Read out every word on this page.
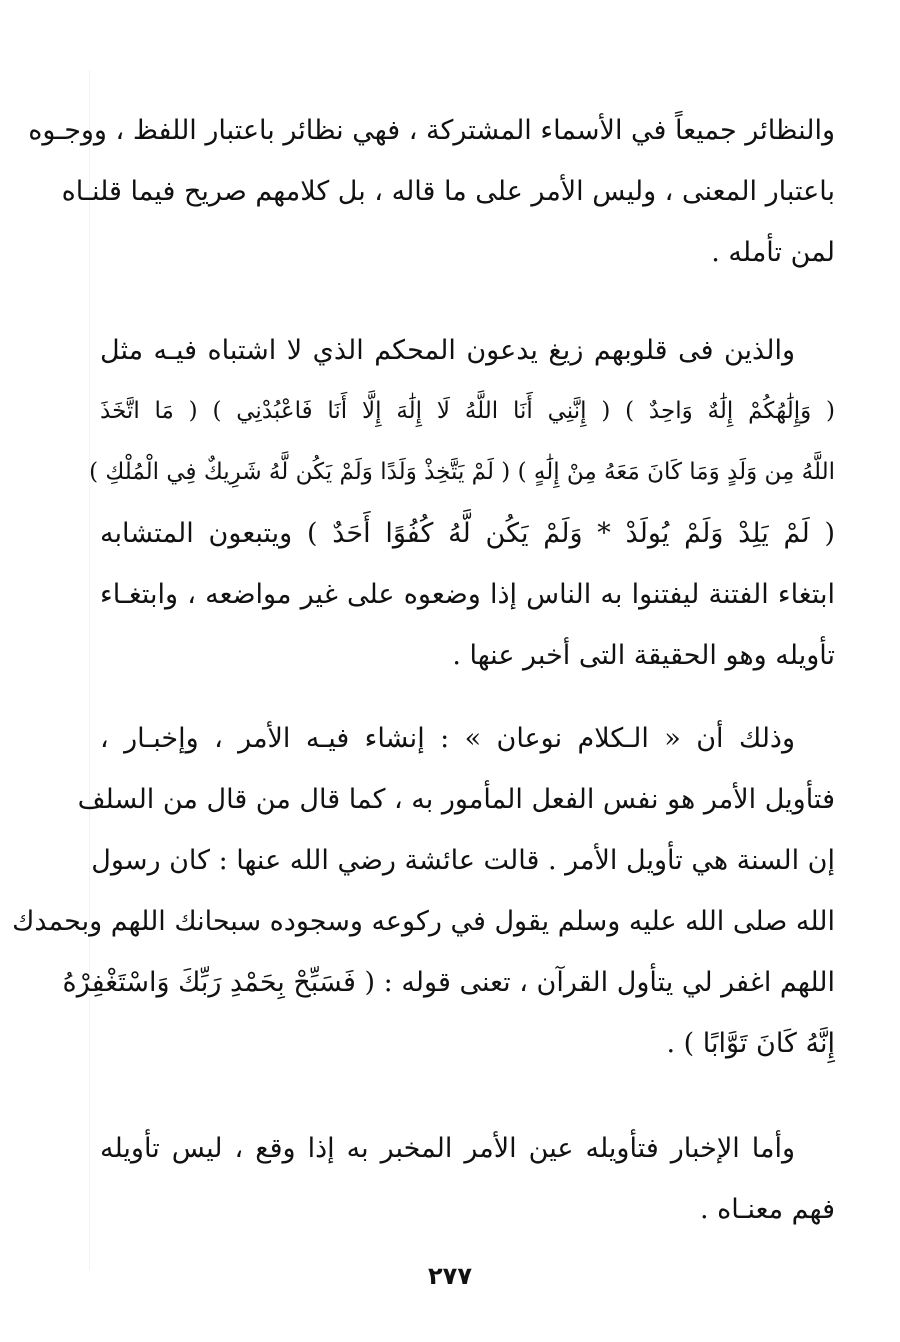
والنظائر جميعاً في الأسماء المشتركة ، فهي نظائر باعتبار اللفظ ، ووجـوه
باعتبار المعنى ، وليس الأمر على ما قاله ، بل كلامهم صريح فيما قلنـاه
لمن تأمله .
والذين فى قلوبهم زيغ يدعون المحكم الذي لا اشتباه فيـه مثل
( وَإِلَٰهُكُمْ إِلَٰهٌ وَاحِدٌ ) ( إِنَّنِي أَنَا اللَّهُ لَا إِلَٰهَ إِلَّا أَنَا فَاعْبُدْنِي ) ( مَا اتَّخَذَ
اللَّهُ مِن وَلَدٍ وَمَا كَانَ مَعَهُ مِنْ إِلَٰهٍ ) ( لَمْ يَتَّخِذْ وَلَدًا وَلَمْ يَكُن لَّهُ شَرِيكٌ فِي الْمُلْكِ )
( لَمْ يَلِدْ وَلَمْ يُولَدْ * وَلَمْ يَكُن لَّهُ كُفُوًا أَحَدٌ ) ويتبعون المتشابه
ابتغاء الفتنة ليفتنوا به الناس إذا وضعوه على غير مواضعه ، وابتغـاء
تأويله وهو الحقيقة التى أخبر عنها .
وذلك أن « الـكلام نوعان » : إنشاء فيـه الأمر ، وإخبـار ،
فتأويل الأمر هو نفس الفعل المأمور به ، كما قال من قال من السلف
إن السنة هي تأويل الأمر . قالت عائشة رضي الله عنها : كان رسول
الله صلى الله عليه وسلم يقول في ركوعه وسجوده سبحانك اللهم وبحمدك
اللهم اغفر لي يتأول القرآن ، تعنى قوله : ( فَسَبِّحْ بِحَمْدِ رَبِّكَ وَاسْتَغْفِرْهُ
إِنَّهُ كَانَ تَوَّابًا ) .
وأما الإخبار فتأويله عين الأمر المخبر به إذا وقع ، ليس تأويله
فهم معنـاه .
٢٧٧
